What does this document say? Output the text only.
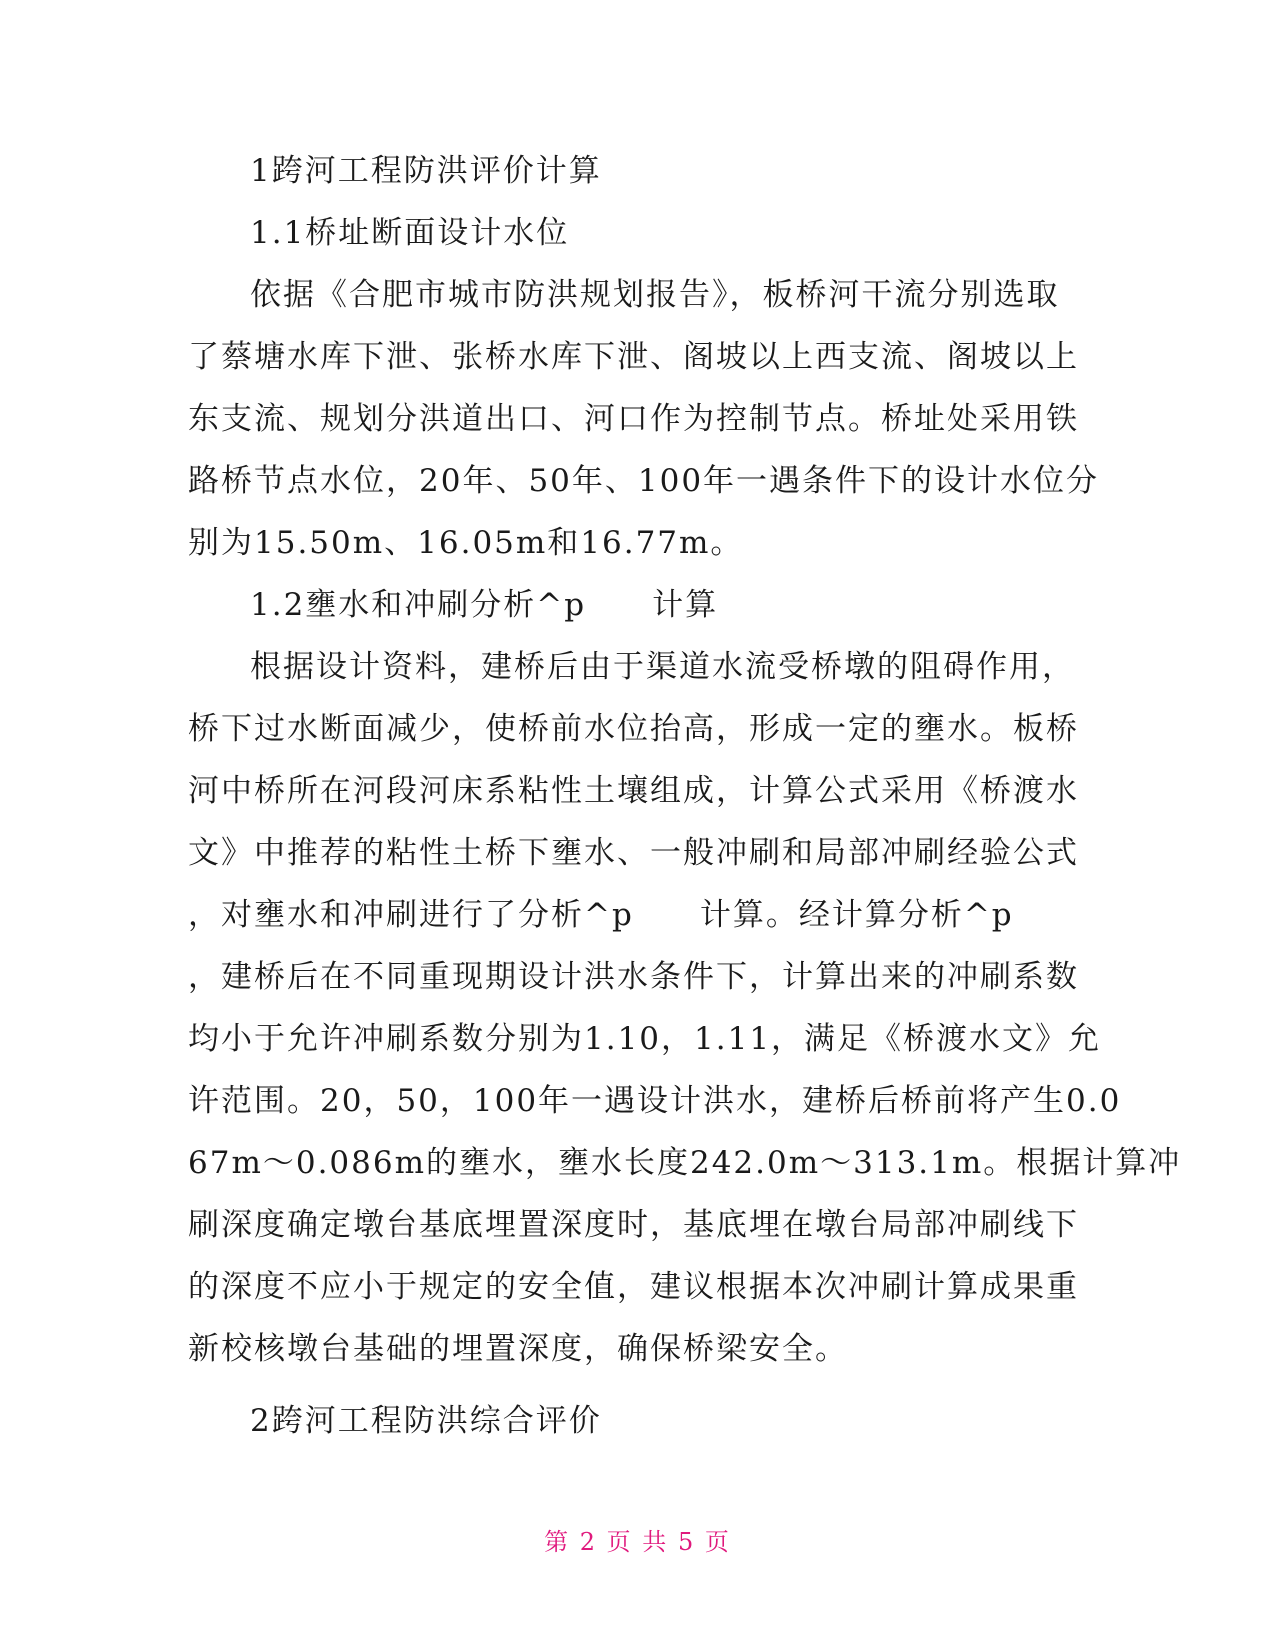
1跨河工程防洪评价计算
1.1桥址断面设计水位
依据《合肥市城市防洪规划报告》，板桥河干流分别选取
了蔡塘水库下泄、张桥水库下泄、阁坡以上西支流、阁坡以上
东支流、规划分洪道出口、河口作为控制节点。桥址处采用铁
路桥节点水位，20年、50年、100年一遇条件下的设计水位分
别为15.50m、16.05m和16.77m。
1.2壅水和冲刷分析^p　　计算
根据设计资料，建桥后由于渠道水流受桥墩的阻碍作用，
桥下过水断面减少，使桥前水位抬高，形成一定的壅水。板桥
河中桥所在河段河床系粘性土壤组成，计算公式采用《桥渡水
文》中推荐的粘性土桥下壅水、一般冲刷和局部冲刷经验公式
，对壅水和冲刷进行了分析^p　　计算。经计算分析^p
，建桥后在不同重现期设计洪水条件下，计算出来的冲刷系数
均小于允许冲刷系数分别为1.10，1.11，满足《桥渡水文》允
许范围。20，50，100年一遇设计洪水，建桥后桥前将产生0.0
67m～0.086m的壅水，壅水长度242.0m～313.1m。根据计算冲
刷深度确定墩台基底埋置深度时，基底埋在墩台局部冲刷线下
的深度不应小于规定的安全值，建议根据本次冲刷计算成果重
新校核墩台基础的埋置深度，确保桥梁安全。
2跨河工程防洪综合评价
第 2 页 共 5 页
